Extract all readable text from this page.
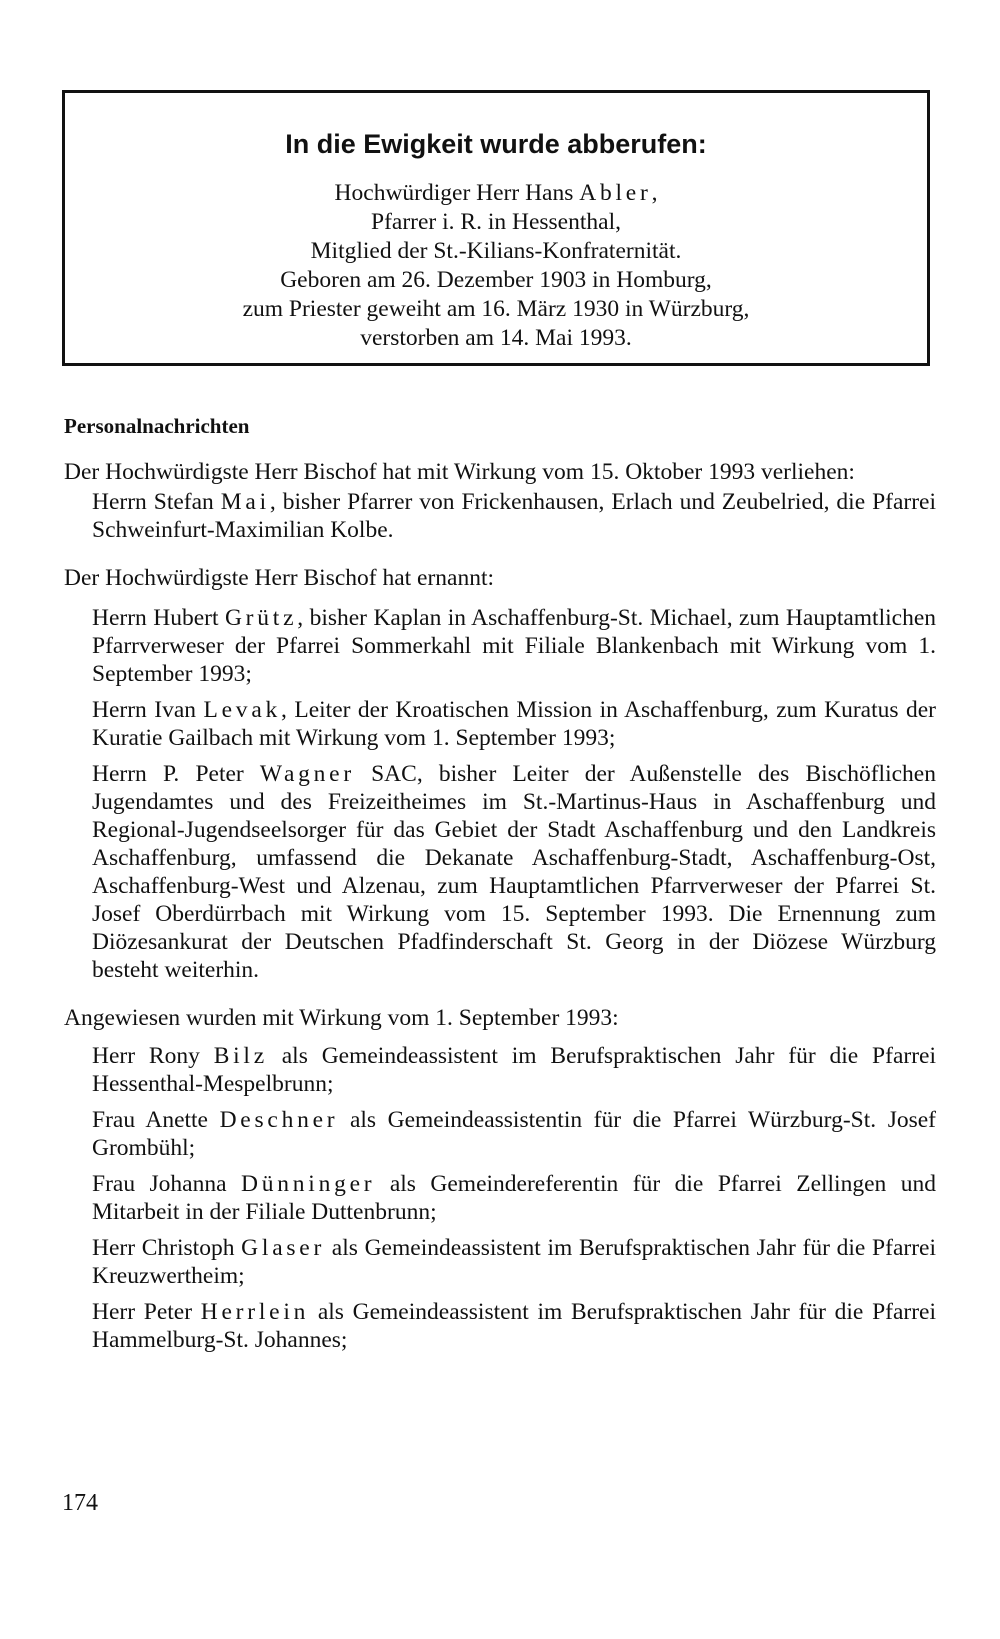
In die Ewigkeit wurde abberufen:
Hochwürdiger Herr Hans Abler,
Pfarrer i. R. in Hessenthal,
Mitglied der St.-Kilians-Konfraternität.
Geboren am 26. Dezember 1903 in Homburg,
zum Priester geweiht am 16. März 1930 in Würzburg,
verstorben am 14. Mai 1993.
Personalnachrichten

Der Hochwürdigste Herr Bischof hat mit Wirkung vom 15. Oktober 1993 verliehen:

Herrn Stefan Mai, bisher Pfarrer von Frickenhausen, Erlach und Zeubelried, die Pfarrei Schweinfurt-Maximilian Kolbe.

Der Hochwürdigste Herr Bischof hat ernannt:

Herrn Hubert Grütz, bisher Kaplan in Aschaffenburg-St. Michael, zum Hauptamtlichen Pfarrverweser der Pfarrei Sommerkahl mit Filiale Blankenbach mit Wirkung vom 1. September 1993;

Herrn Ivan Levak, Leiter der Kroatischen Mission in Aschaffenburg, zum Kuratus der Kuratie Gailbach mit Wirkung vom 1. September 1993;

Herrn P. Peter Wagner SAC, bisher Leiter der Außenstelle des Bischöflichen Jugendamtes und des Freizeitheimes im St.-Martinus-Haus in Aschaffenburg und Regional-Jugendseelsorger für das Gebiet der Stadt Aschaffenburg und den Landkreis Aschaffenburg, umfassend die Dekanate Aschaffenburg-Stadt, Aschaffenburg-Ost, Aschaffenburg-West und Alzenau, zum Hauptamtlichen Pfarrverweser der Pfarrei St. Josef Oberdürrbach mit Wirkung vom 15. September 1993. Die Ernennung zum Diözesankurat der Deutschen Pfadfinderschaft St. Georg in der Diözese Würzburg besteht weiterhin.

Angewiesen wurden mit Wirkung vom 1. September 1993:

Herr Rony Bilz als Gemeindeassistent im Berufspraktischen Jahr für die Pfarrei Hessenthal-Mespelbrunn;

Frau Anette Deschner als Gemeindeassistentin für die Pfarrei Würzburg-St. Josef Grombühl;

Frau Johanna Dünninger als Gemeindereferentin für die Pfarrei Zellingen und Mitarbeit in der Filiale Duttenbrunn;

Herr Christoph Glaser als Gemeindeassistent im Berufspraktischen Jahr für die Pfarrei Kreuzwertheim;

Herr Peter Herrlein als Gemeindeassistent im Berufspraktischen Jahr für die Pfarrei Hammelburg-St. Johannes;

174
